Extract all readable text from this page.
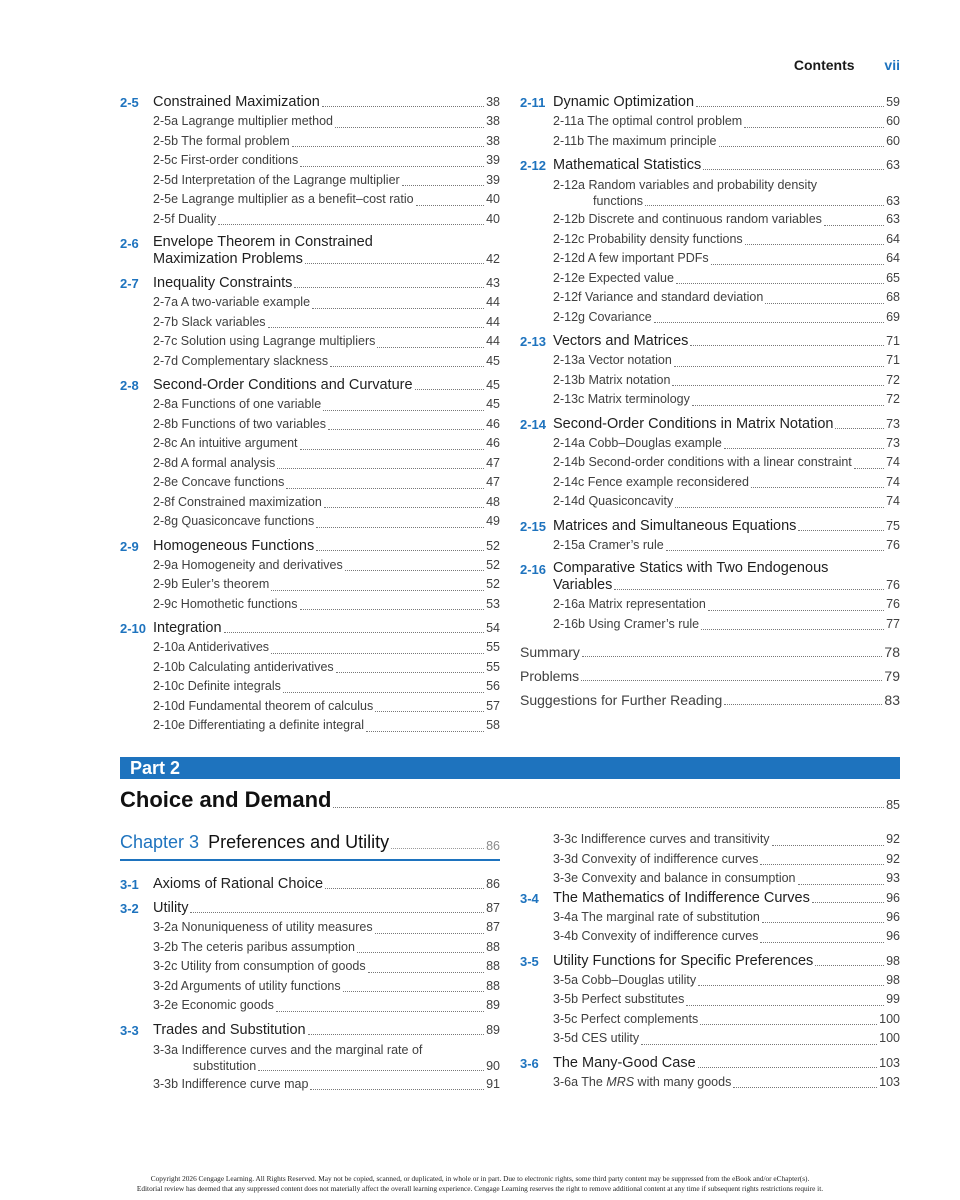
Contents vii
2-5 Constrained Maximization	38
2-5a Lagrange multiplier method	38
2-5b The formal problem	38
2-5c First-order conditions	39
2-5d Interpretation of the Lagrange multiplier	39
2-5e Lagrange multiplier as a benefit–cost ratio	40
2-5f Duality	40
2-6 Envelope Theorem in Constrained
Maximization Problems	42
2-7 Inequality Constraints	43
2-7a A two-variable example	44
2-7b Slack variables	44
2-7c Solution using Lagrange multipliers	44
2-7d Complementary slackness	45
2-8 Second-Order Conditions and Curvature	45
2-8a Functions of one variable	45
2-8b Functions of two variables	46
2-8c An intuitive argument	46
2-8d A formal analysis	47
2-8e Concave functions	47
2-8f Constrained maximization	48
2-8g Quasiconcave functions	49
2-9 Homogeneous Functions	52
2-9a Homogeneity and derivatives	52
2-9b Euler’s theorem	52
2-9c Homothetic functions	53
2-10 Integration	54
2-10a Antiderivatives	55
2-10b Calculating antiderivatives	55
2-10c Definite integrals	56
2-10d Fundamental theorem of calculus	57
2-10e Differentiating a definite integral	58
2-11 Dynamic Optimization	59
2-11a The optimal control problem	60
2-11b The maximum principle	60
2-12 Mathematical Statistics	63
2-12a Random variables and probability density
functions	63
2-12b Discrete and continuous random variables	63
2-12c Probability density functions	64
2-12d A few important PDFs	64
2-12e Expected value	65
2-12f Variance and standard deviation	68
2-12g Covariance	69
2-13 Vectors and Matrices	71
2-13a Vector notation	71
2-13b Matrix notation	72
2-13c Matrix terminology	72
2-14 Second-Order Conditions in Matrix Notation	73
2-14a Cobb–Douglas example	73
2-14b Second-order conditions with a linear constraint	74
2-14c Fence example reconsidered	74
2-14d Quasiconcavity	74
2-15 Matrices and Simultaneous Equations	75
2-15a Cramer’s rule	76
2-16 Comparative Statics with Two Endogenous
Variables	76
2-16a Matrix representation	76
2-16b Using Cramer’s rule	77
Summary	78
Problems	79
Suggestions for Further Reading	83
Part 2
Choice and Demand	85
Chapter 3 Preferences and Utility	86
3-1 Axioms of Rational Choice	86
3-2 Utility	87
3-2a Nonuniqueness of utility measures	87
3-2b The ceteris paribus assumption	88
3-2c Utility from consumption of goods	88
3-2d Arguments of utility functions	88
3-2e Economic goods	89
3-3 Trades and Substitution	89
3-3a Indifference curves and the marginal rate of
substitution	90
3-3b Indifference curve map	91
3-3c Indifference curves and transitivity	92
3-3d Convexity of indifference curves	92
3-3e Convexity and balance in consumption	93
3-4 The Mathematics of Indifference Curves	96
3-4a The marginal rate of substitution	96
3-4b Convexity of indifference curves	96
3-5 Utility Functions for Specific Preferences	98
3-5a Cobb–Douglas utility	98
3-5b Perfect substitutes	99
3-5c Perfect complements	100
3-5d CES utility	100
3-6 The Many-Good Case	103
3-6a The MRS with many goods	103
Copyright 2026 Cengage Learning. All Rights Reserved. May not be copied, scanned, or duplicated, in whole or in part. Due to electronic rights, some third party content may be suppressed from the eBook and/or eChapter(s).
Editorial review has deemed that any suppressed content does not materially affect the overall learning experience. Cengage Learning reserves the right to remove additional content at any time if subsequent rights restrictions require it.
